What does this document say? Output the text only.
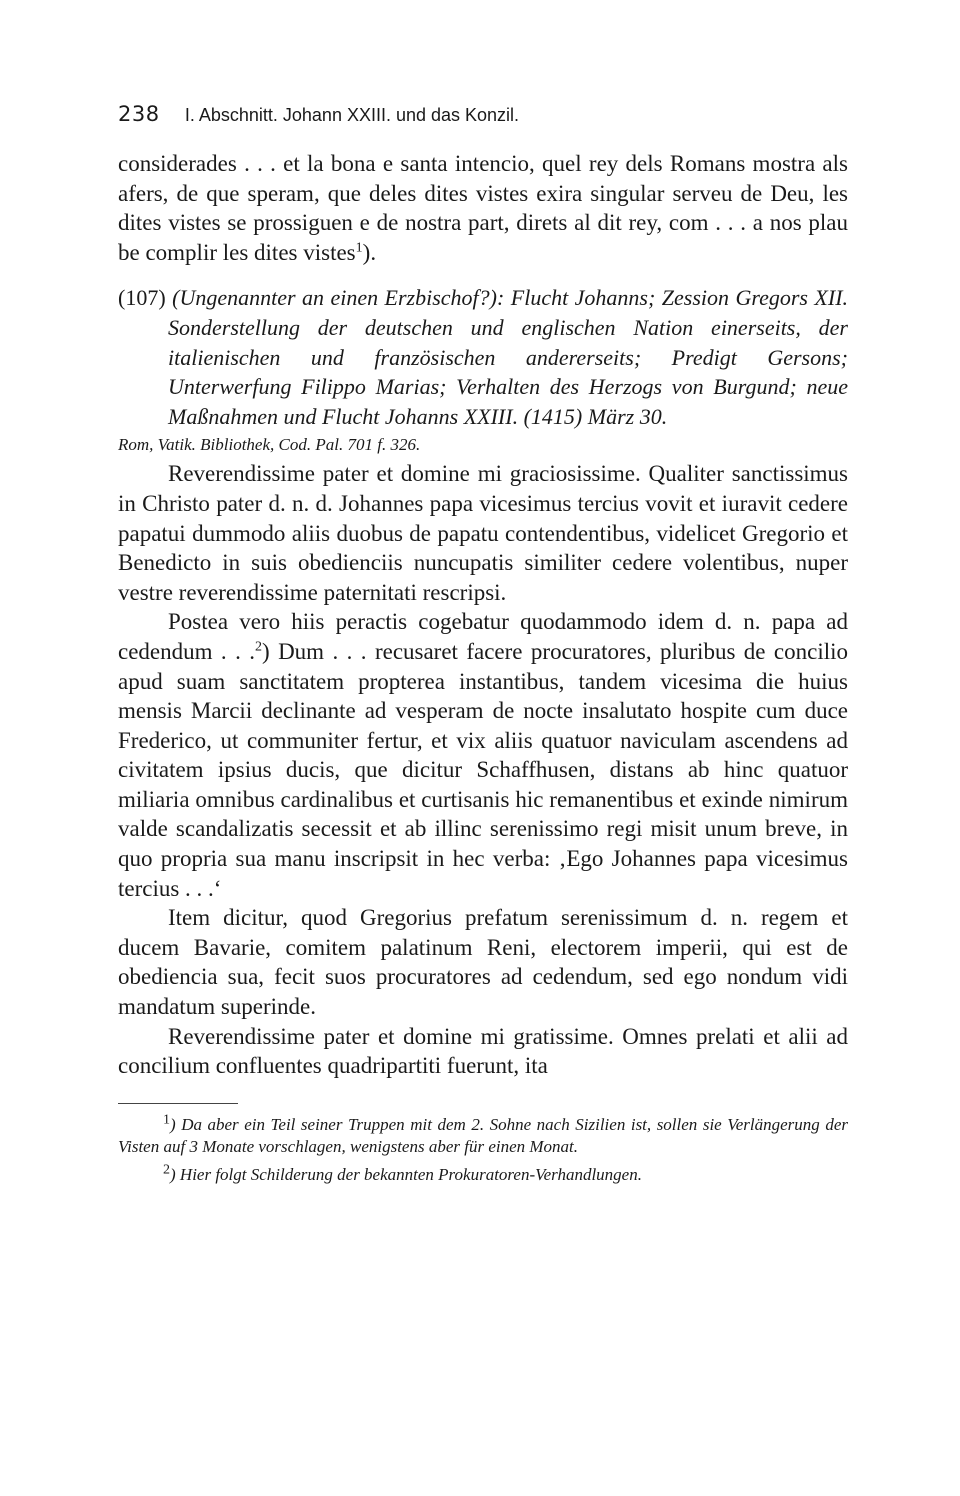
238 I. Abschnitt. Johann XXIII. und das Konzil.

considerades . . . et la bona e santa intencio, quel rey dels Romans mostra als afers, de que speram, que deles dites vistes exira singular serveu de Deu, les dites vistes se prossiguen e de nostra part, direts al dit rey, com . . . a nos plau be complir les dites vistes$^1$).

(107) (Ungenannter an einen Erzbischof?): Flucht Johanns; Zession Gregors XII. Sonderstellung der deutschen und englischen Nation einerseits, der italienischen und französischen andererseits; Predigt Gersons; Unterwerfung Filippo Marias; Verhalten des Herzogs von Burgund; neue Maßnahmen und Flucht Johanns XXIII. (1415) März 30.

Rom, Vatik. Bibliothek, Cod. Pal. 701 f. 326.

Reverendissime pater et domine mi graciosissime. Qualiter sanctissimus in Christo pater d. n. d. Johannes papa vicesimus tercius vovit et iuravit cedere papatui dummodo aliis duobus de papatu contendentibus, videlicet Gregorio et Benedicto in suis obedienciis nuncupatis similiter cedere volentibus, nuper vestre reverendissime paternitati rescripsi.

Postea vero hiis peractis cogebatur quodammodo idem d. n. papa ad cedendum . . .$^2$) Dum . . . recusaret facere procuratores, pluribus de concilio apud suam sanctitatem propterea instantibus, tandem vicesima die huius mensis Marcii declinante ad vesperam de nocte insalutato hospite cum duce Frederico, ut communiter fertur, et vix aliis quatuor naviculam ascendens ad civitatem ipsius ducis, que dicitur Schaffhusen, distans ab hinc quatuor miliaria omnibus cardinalibus et curtisanis hic remanentibus et exinde nimirum valde scandalizatis secessit et ab illinc serenissimo regi misit unum breve, in quo propria sua manu inscripsit in hec verba: ‚Ego Johannes papa vicesimus tercius . . .‘

Item dicitur, quod Gregorius prefatum serenissimum d. n. regem et ducem Bavarie, comitem palatinum Reni, electorem imperii, qui est de obediencia sua, fecit suos procuratores ad cedendum, sed ego nondum vidi mandatum superinde.

Reverendissime pater et domine mi gratissime. Omnes prelati et alii ad concilium confluentes quadripartiti fuerunt, ita

$^1$) Da aber ein Teil seiner Truppen mit dem 2. Sohne nach Sizilien ist, sollen sie Verlängerung der Visten auf 3 Monate vorschlagen, wenigstens aber für einen Monat.

$^2$) Hier folgt Schilderung der bekannten Prokuratoren-Verhandlungen.
